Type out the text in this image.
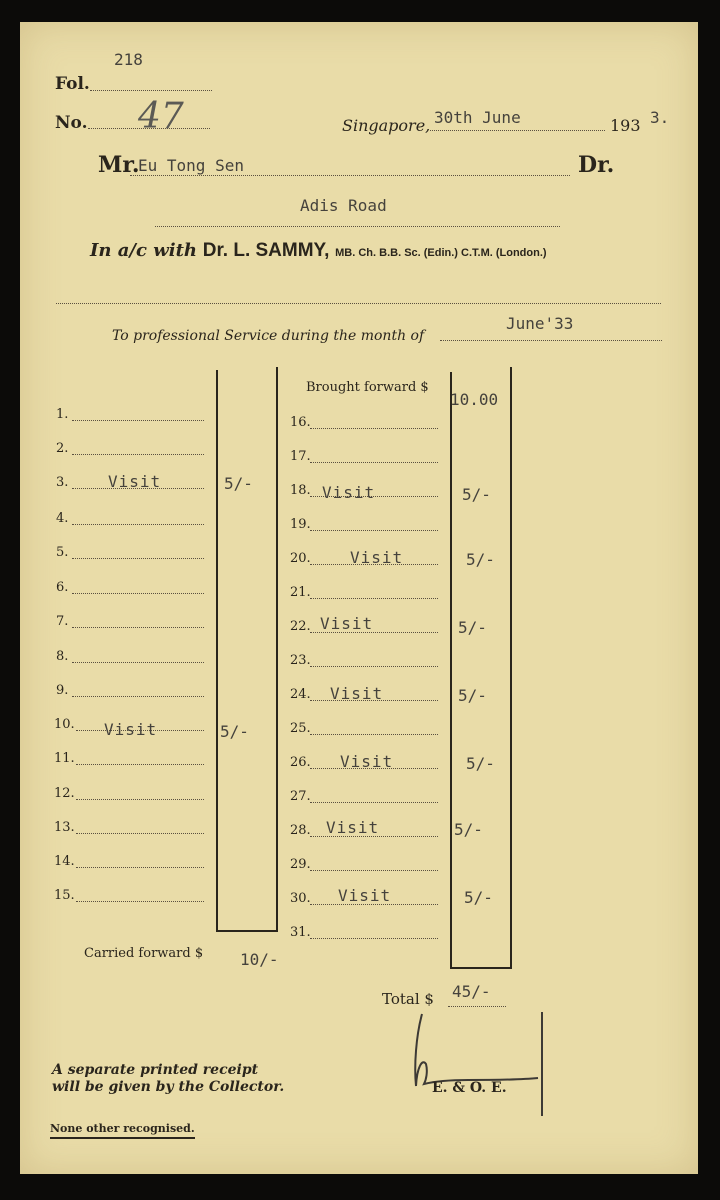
Fol.
218
No. 47	Singapore, 30th June	193 3.
Mr.
Eu Tong Sen	Dr.
Adis Road
In a/c with Dr. L. SAMMY, MB. Ch. B.B. Sc. (Edin.) C.T.M. (London.)
To professional Service during the month of
June'33
Brought forward $
10.00
1.
2.
3. Visit	5/-
4.
5.
6.
7.
8.
9.
10. Visit	5/-
11.
12.
13.
14.
15.
16.
17.
18. Visit	5/-
19.
20. Visit	5/-
21.
22. Visit	5/-
23.
24. Visit	5/-
25.
26. Visit	5/-
27.
28. Visit	5/-
29.
30. Visit	5/-
31.
Carried forward $ 10/-
Total $ 45/-
A separate printed receipt
will be given by the Collector.	E. & O. E.
None other recognised.
